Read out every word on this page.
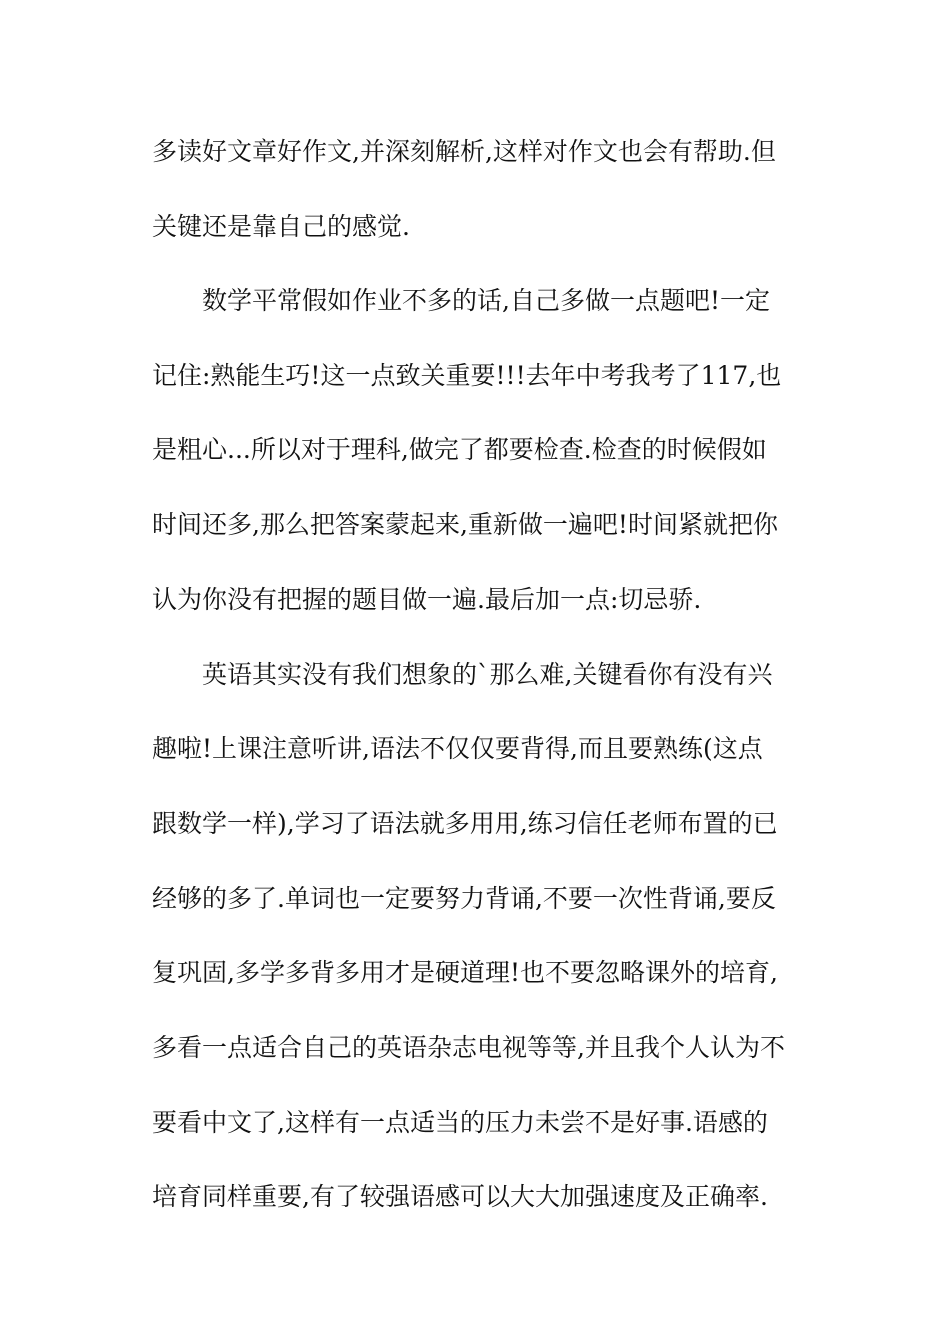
多读好文章好作文,并深刻解析,这样对作文也会有帮助.但
关键还是靠自己的感觉.
数学平常假如作业不多的话,自己多做一点题吧!一定
记住:熟能生巧!这一点致关重要!!!去年中考我考了117,也
是粗心...所以对于理科,做完了都要检查.检查的时候假如
时间还多,那么把答案蒙起来,重新做一遍吧!时间紧就把你
认为你没有把握的题目做一遍.最后加一点:切忌骄.
英语其实没有我们想象的`那么难,关键看你有没有兴
趣啦!上课注意听讲,语法不仅仅要背得,而且要熟练(这点
跟数学一样),学习了语法就多用用,练习信任老师布置的已
经够的多了.单词也一定要努力背诵,不要一次性背诵,要反
复巩固,多学多背多用才是硬道理!也不要忽略课外的培育,
多看一点适合自己的英语杂志电视等等,并且我个人认为不
要看中文了,这样有一点适当的压力未尝不是好事.语感的
培育同样重要,有了较强语感可以大大加强速度及正确率.
